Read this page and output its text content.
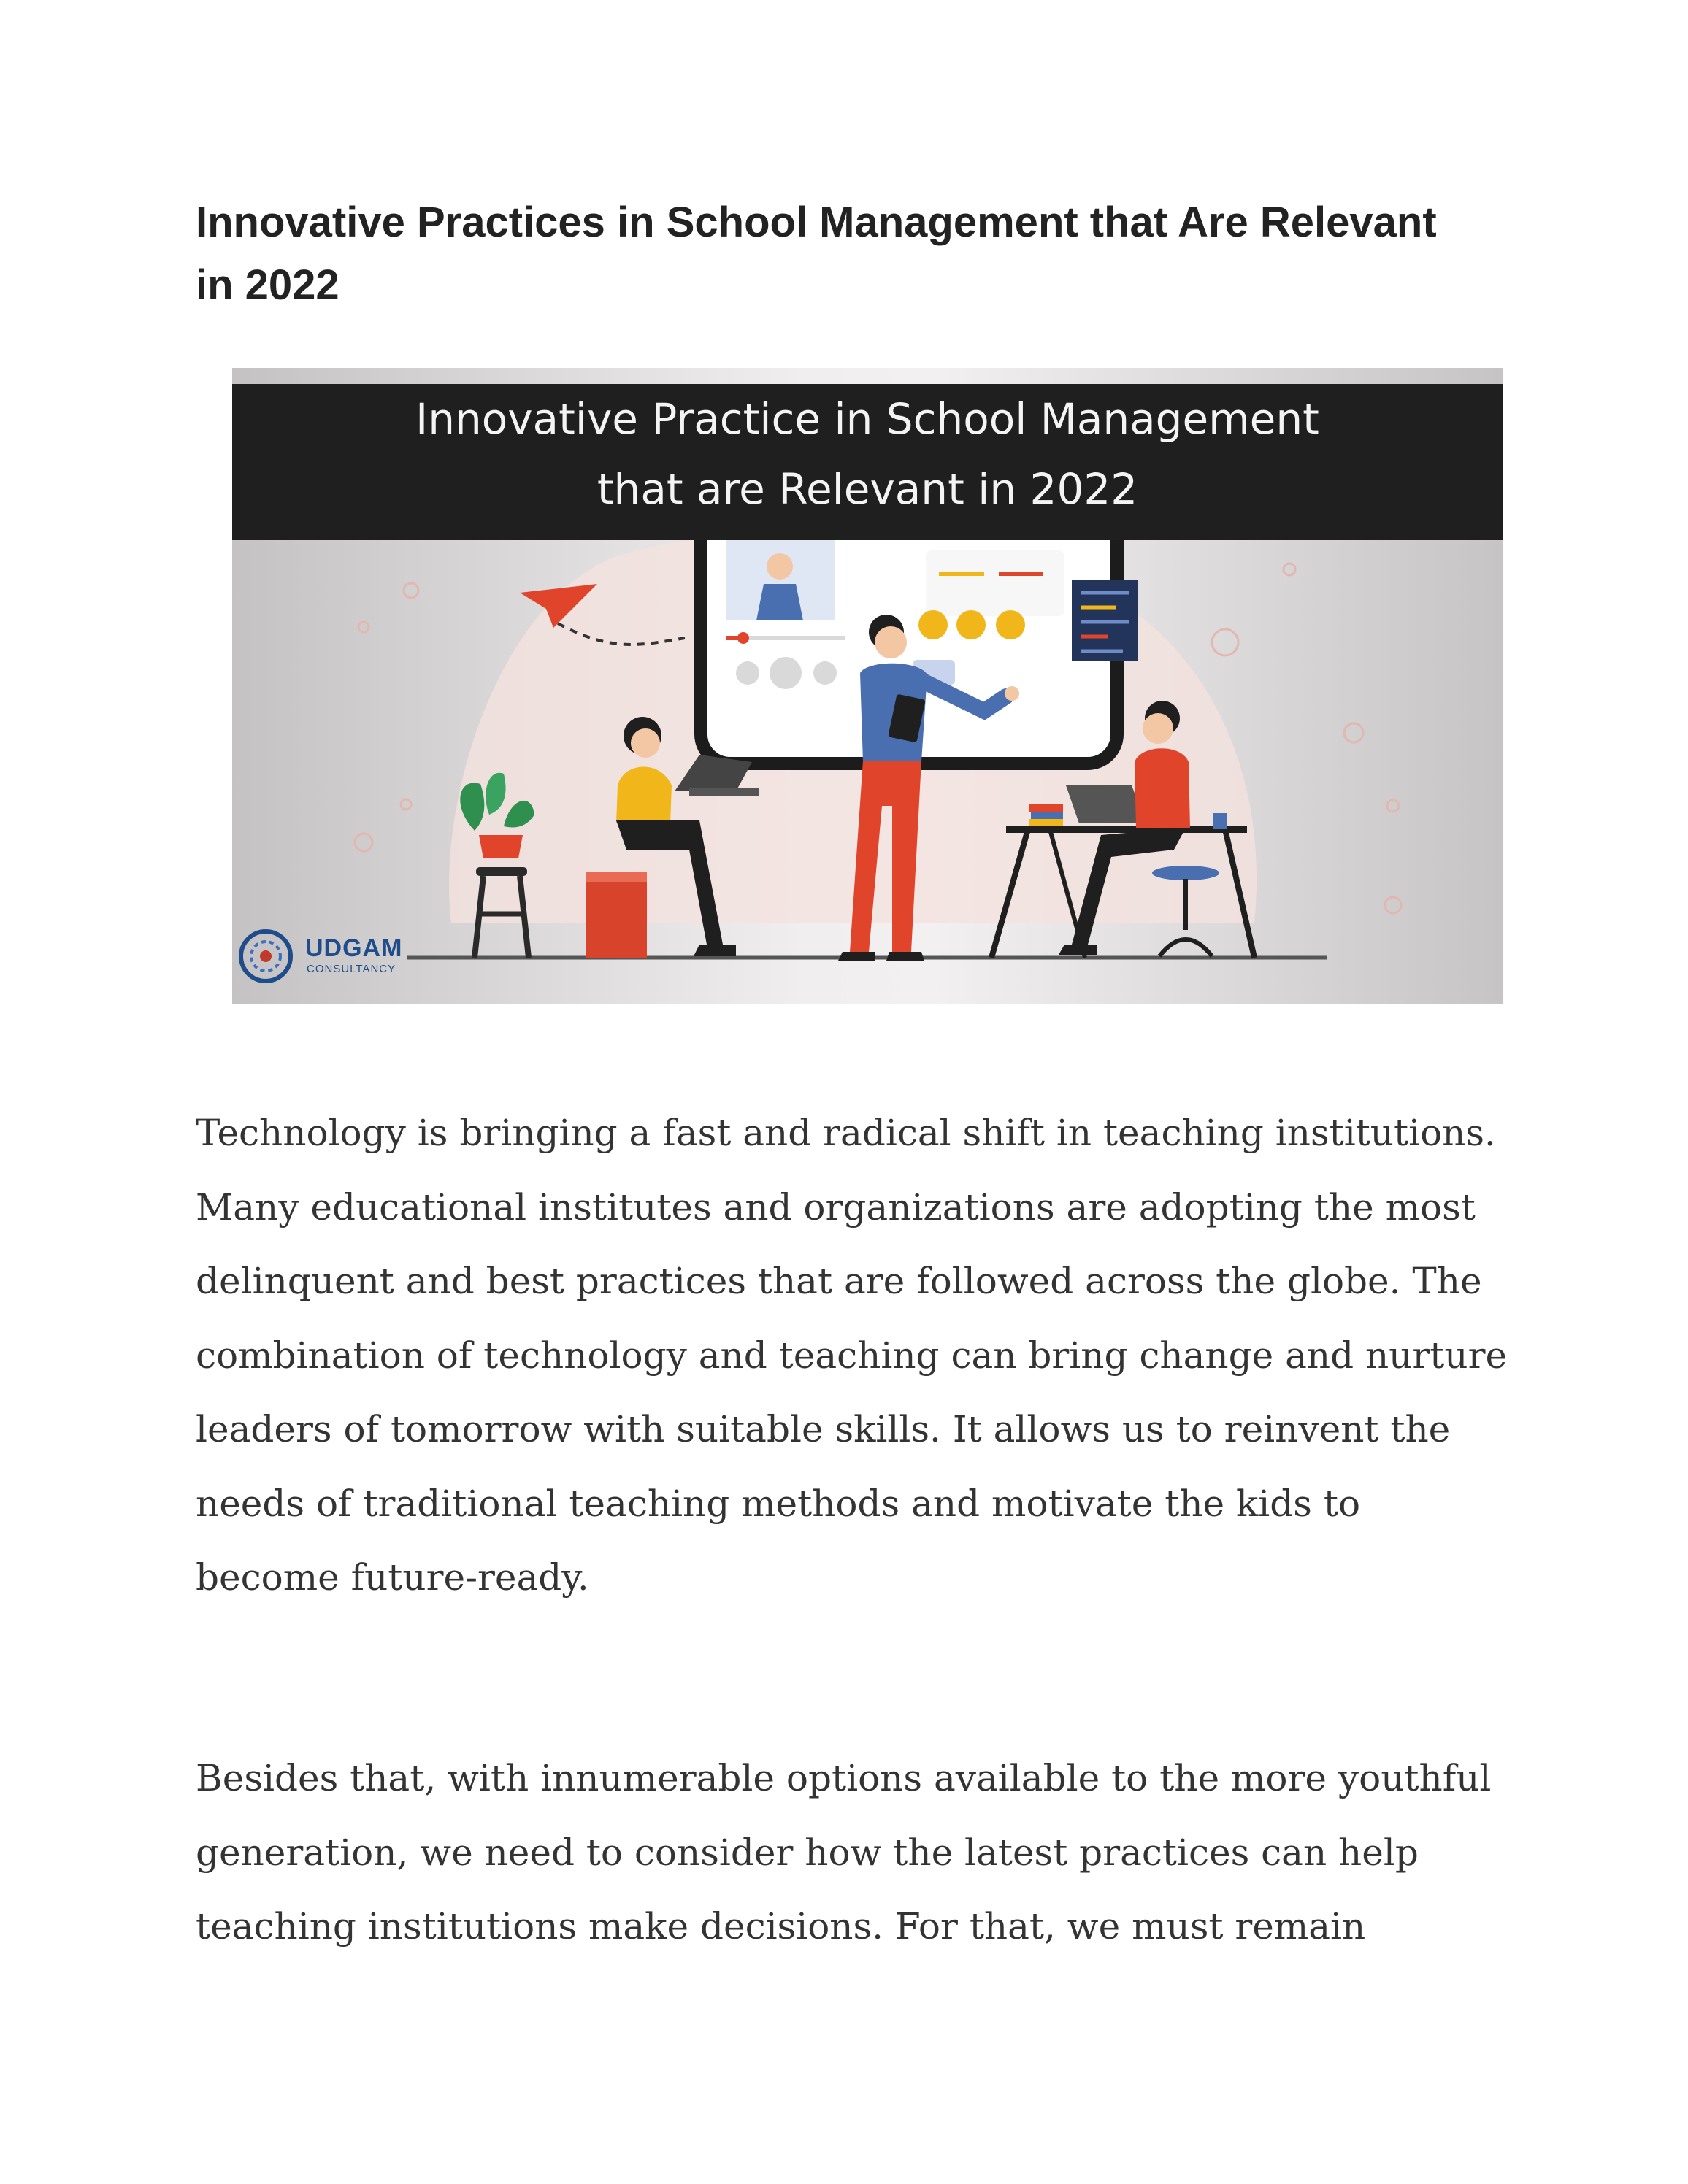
Innovative Practices in School Management that Are Relevant in 2022

Innovative Practice in School Management
that are Relevant in 2022

UDGAM
CONSULTANCY

Technology is bringing a fast and radical shift in teaching institutions.
Many educational institutes and organizations are adopting the most
delinquent and best practices that are followed across the globe. The
combination of technology and teaching can bring change and nurture
leaders of tomorrow with suitable skills. It allows us to reinvent the
needs of traditional teaching methods and motivate the kids to
become future-ready.

Besides that, with innumerable options available to the more youthful
generation, we need to consider how the latest practices can help
teaching institutions make decisions. For that, we must remain
